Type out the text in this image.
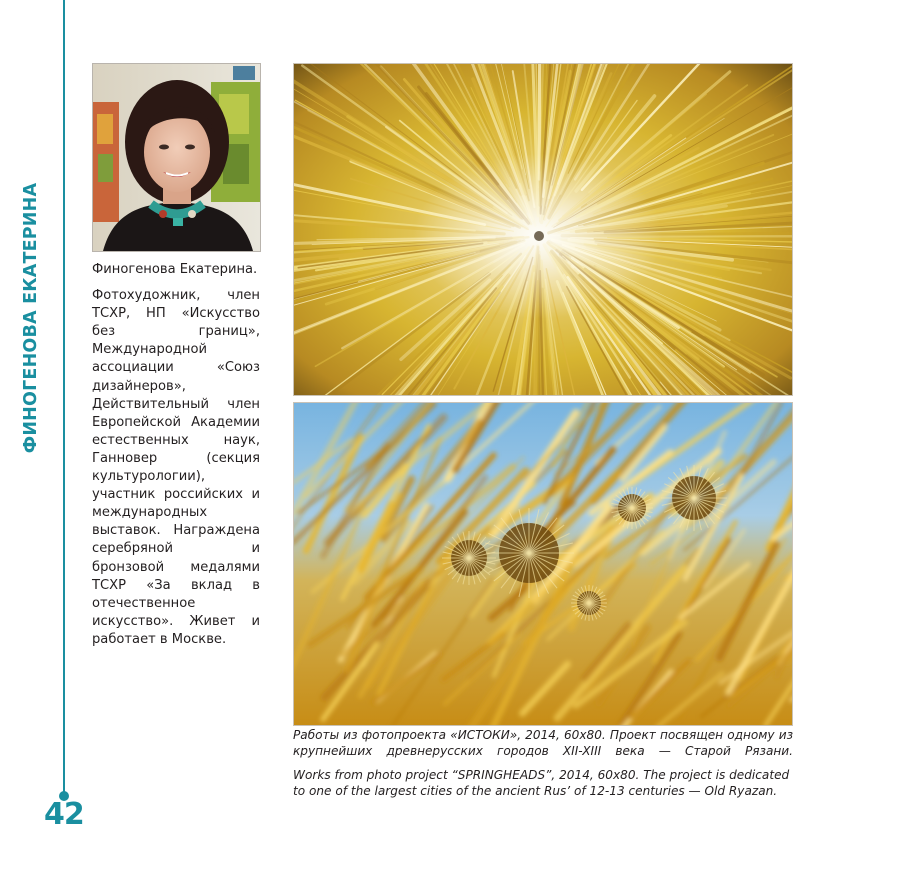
ФИНОГЕНОВА ЕКАТЕРИНА
42

Финогенова Екатерина.

Фотохудожник, член ТСХР, НП «Искусство без границ», Международной ассоциации «Союз дизайнеров», Действительный член Европейской Академии естественных наук, Ганновер (секция культурологии), участник российских и международных выставок. Награждена серебряной и бронзовой медалями ТСХР «За вклад в отечественное искусство». Живет и работает в Москве.

Работы из фотопроекта «ИСТОКИ», 2014, 60х80. Проект посвящен одному из крупнейших древнерусских городов XII-XIII века — Старой Рязани.

Works from photo project “SPRINGHEADS”, 2014, 60х80. The project is dedicated to one of the largest cities of the ancient Rus’ of 12-13 centuries — Old Ryazan.
